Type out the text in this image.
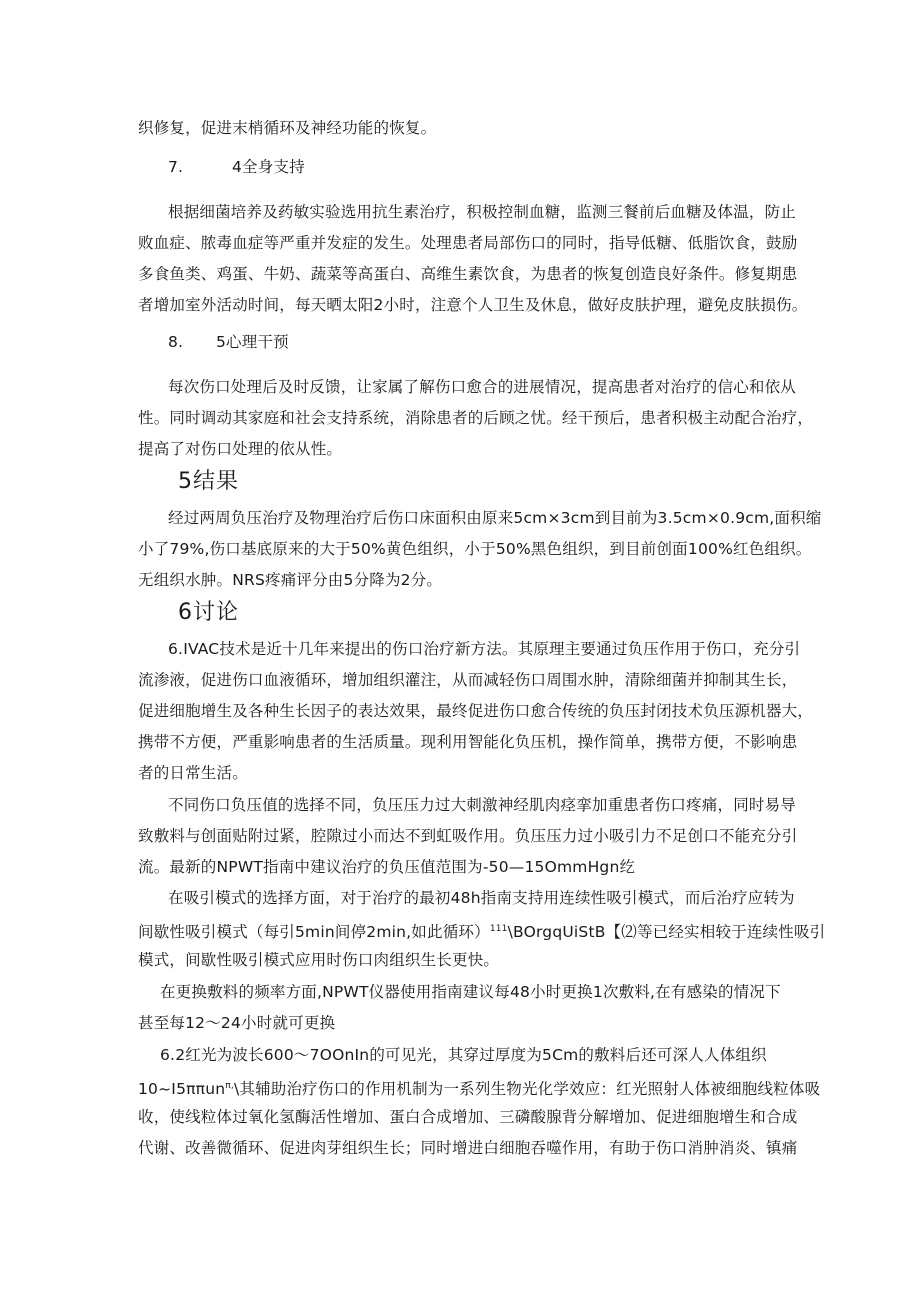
织修复，促进末梢循环及神经功能的恢复。

7.	4全身支持

根据细菌培养及药敏实验选用抗生素治疗，积极控制血糖，监测三餐前后血糖及体温，防止

败血症、脓毒血症等严重并发症的发生。处理患者局部伤口的同时，指导低糖、低脂饮食，鼓励

多食鱼类、鸡蛋、牛奶、蔬菜等高蛋白、高维生素饮食，为患者的恢复创造良好条件。修复期患

者增加室外活动时间，每天晒太阳2小时，注意个人卫生及休息，做好皮肤护理，避免皮肤损伤。

8. 5心理干预

每次伤口处理后及时反馈，让家属了解伤口愈合的进展情况，提高患者对治疗的信心和依从

性。同时调动其家庭和社会支持系统，消除患者的后顾之忧。经干预后，患者积极主动配合治疗，

提高了对伤口处理的依从性。

5结果

经过两周负压治疗及物理治疗后伤口床面积由原来5cm×3cm到目前为3.5cm×0.9cm,面积缩

小了79%,伤口基底原来的大于50%黄色组织，小于50%黑色组织，到目前创面100%红色组织。

无组织水肿。NRS疼痛评分由5分降为2分。

6讨论

6.IVAC技术是近十几年来提出的伤口治疗新方法。其原理主要通过负压作用于伤口，充分引

流渗液，促进伤口血液循环，增加组织灌注，从而减轻伤口周围水肿，清除细菌并抑制其生长，

促进细胞增生及各种生长因子的表达效果，最终促进伤口愈合传统的负压封闭技术负压源机器大，

携带不方便，严重影响患者的生活质量。现利用智能化负压机，操作简单，携带方便，不影响患

者的日常生活。

不同伤口负压值的选择不同，负压压力过大刺激神经肌肉痉挛加重患者伤口疼痛，同时易导

致敷料与创面贴附过紧，腔隙过小而达不到虹吸作用。负压压力过小吸引力不足创口不能充分引

流。最新的NPWT指南中建议治疗的负压值范围为-50—15OmmHgn纥

在吸引模式的选择方面，对于治疗的最初48h指南支持用连续性吸引模式，而后治疗应转为

间歇性吸引模式（每引5min间停2min,如此循环）$^{111}$\BOrgqUiStB【⑵等已经实相较于连续性吸引

模式，间歇性吸引模式应用时伤口肉组织生长更快。

在更换敷料的频率方面,NPWT仪器使用指南建议每48小时更换1次敷料,在有感染的情况下

甚至每12～24小时就可更换

6.2红光为波长600～7OOnIn的可见光，其穿过厚度为5Cm的敷料后还可深人人体组织

10~I5ππun$^{\pi,}$\其辅助治疗伤口的作用机制为一系列生物光化学效应：红光照射人体被细胞线粒体吸

收，使线粒体过氧化氢酶活性增加、蛋白合成增加、三磷酸腺背分解增加、促进细胞增生和合成

代谢、改善微循环、促进肉芽组织生长；同时增进白细胞吞噬作用，有助于伤口消肿消炎、镇痛
